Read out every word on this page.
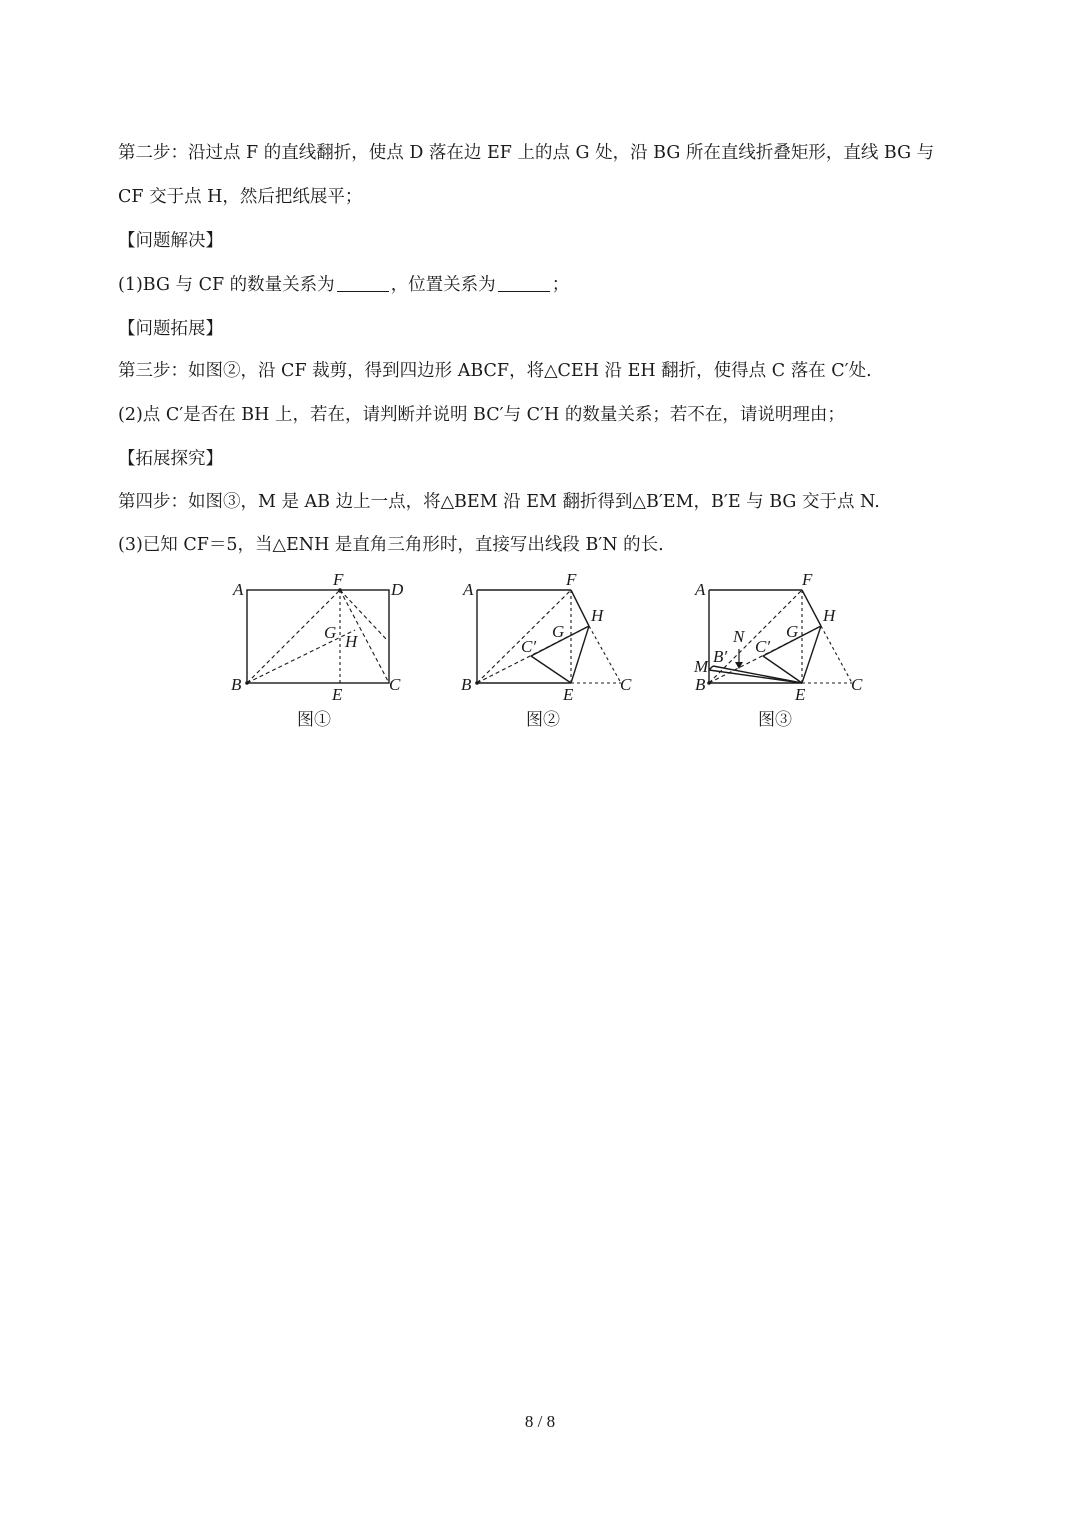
第二步：沿过点 F 的直线翻折，使点 D 落在边 EF 上的点 G 处，沿 BG 所在直线折叠矩形，直线 BG 与
CF 交于点 H，然后把纸展平；
【问题解决】
(1)BG 与 CF 的数量关系为	，位置关系为	；
【问题拓展】
第三步：如图②，沿 CF 裁剪，得到四边形 ABCF，将△CEH 沿 EH 翻折，使得点 C 落在 C′处.
(2)点 C′是否在 BH 上，若在，请判断并说明 BC′与 C′H 的数量关系；若不在，请说明理由；
【拓展探究】
第四步：如图③，M 是 AB 边上一点，将△BEM 沿 EM 翻折得到△B′EM，B′E 与 BG 交于点 N.
(3)已知 CF＝5，当△ENH 是直角三角形时，直接写出线段 B′N 的长.
A
F
D
G H
B
E
C
图①
A
F
H
G
C′
B
E
C
图②
A
F
H
N G
C′
B′
M
B
E
C
图③
8 / 8
